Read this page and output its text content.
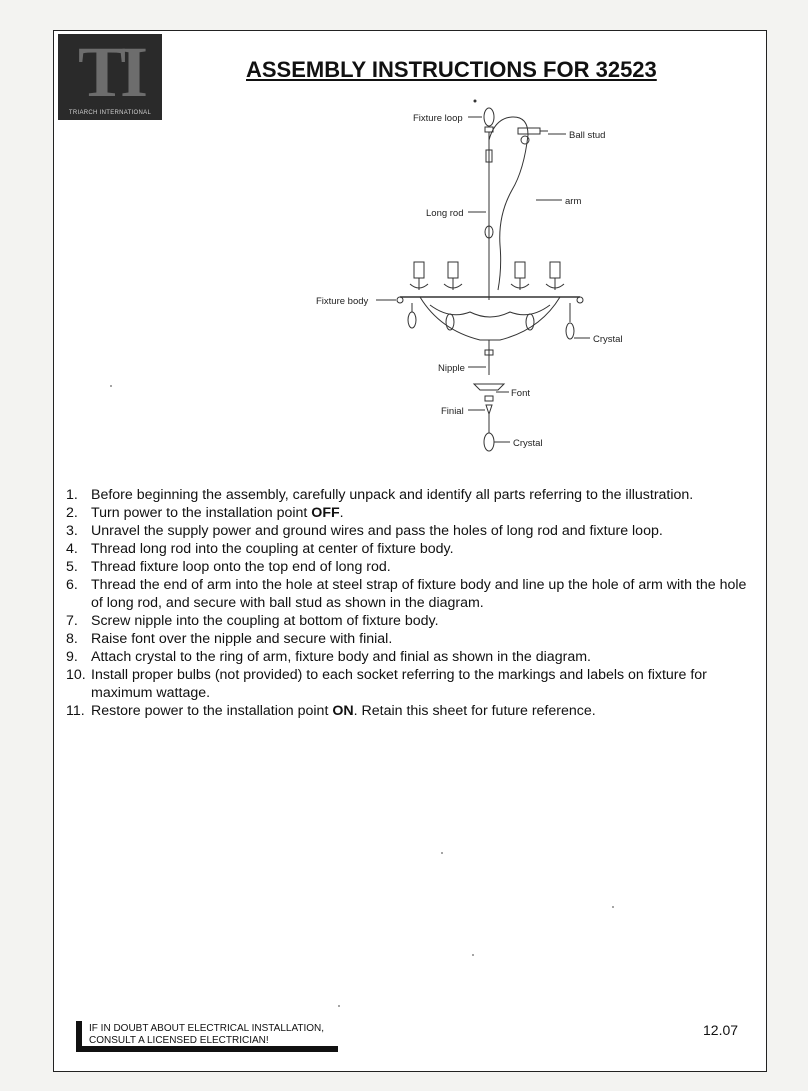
TI
TRIARCH INTERNATIONAL
ASSEMBLY INSTRUCTIONS FOR 32523
Fixture loop
Ball stud
arm
Long rod
Fixture body
Crystal
Nipple
Font
Finial
Crystal
1. Before beginning the assembly, carefully unpack and identify all parts referring to the illustration.
2. Turn power to the installation point OFF.
3. Unravel the supply power and ground wires and pass the holes of long rod and fixture loop.
4. Thread long rod into the coupling at center of fixture body.
5. Thread fixture loop onto the top end of long rod.
6. Thread the end of arm into the hole at steel strap of fixture body and line up the hole of arm with the hole of long rod, and secure with ball stud as shown in the diagram.
7. Screw nipple into the coupling at bottom of fixture body.
8. Raise font over the nipple and secure with finial.
9. Attach crystal to the ring of arm, fixture body and finial as shown in the diagram.
10. Install proper bulbs (not provided) to each socket referring to the markings and labels on fixture for maximum wattage.
11. Restore power to the installation point ON. Retain this sheet for future reference.
IF IN DOUBT ABOUT ELECTRICAL INSTALLATION,
CONSULT A LICENSED ELECTRICIAN!
12.07
